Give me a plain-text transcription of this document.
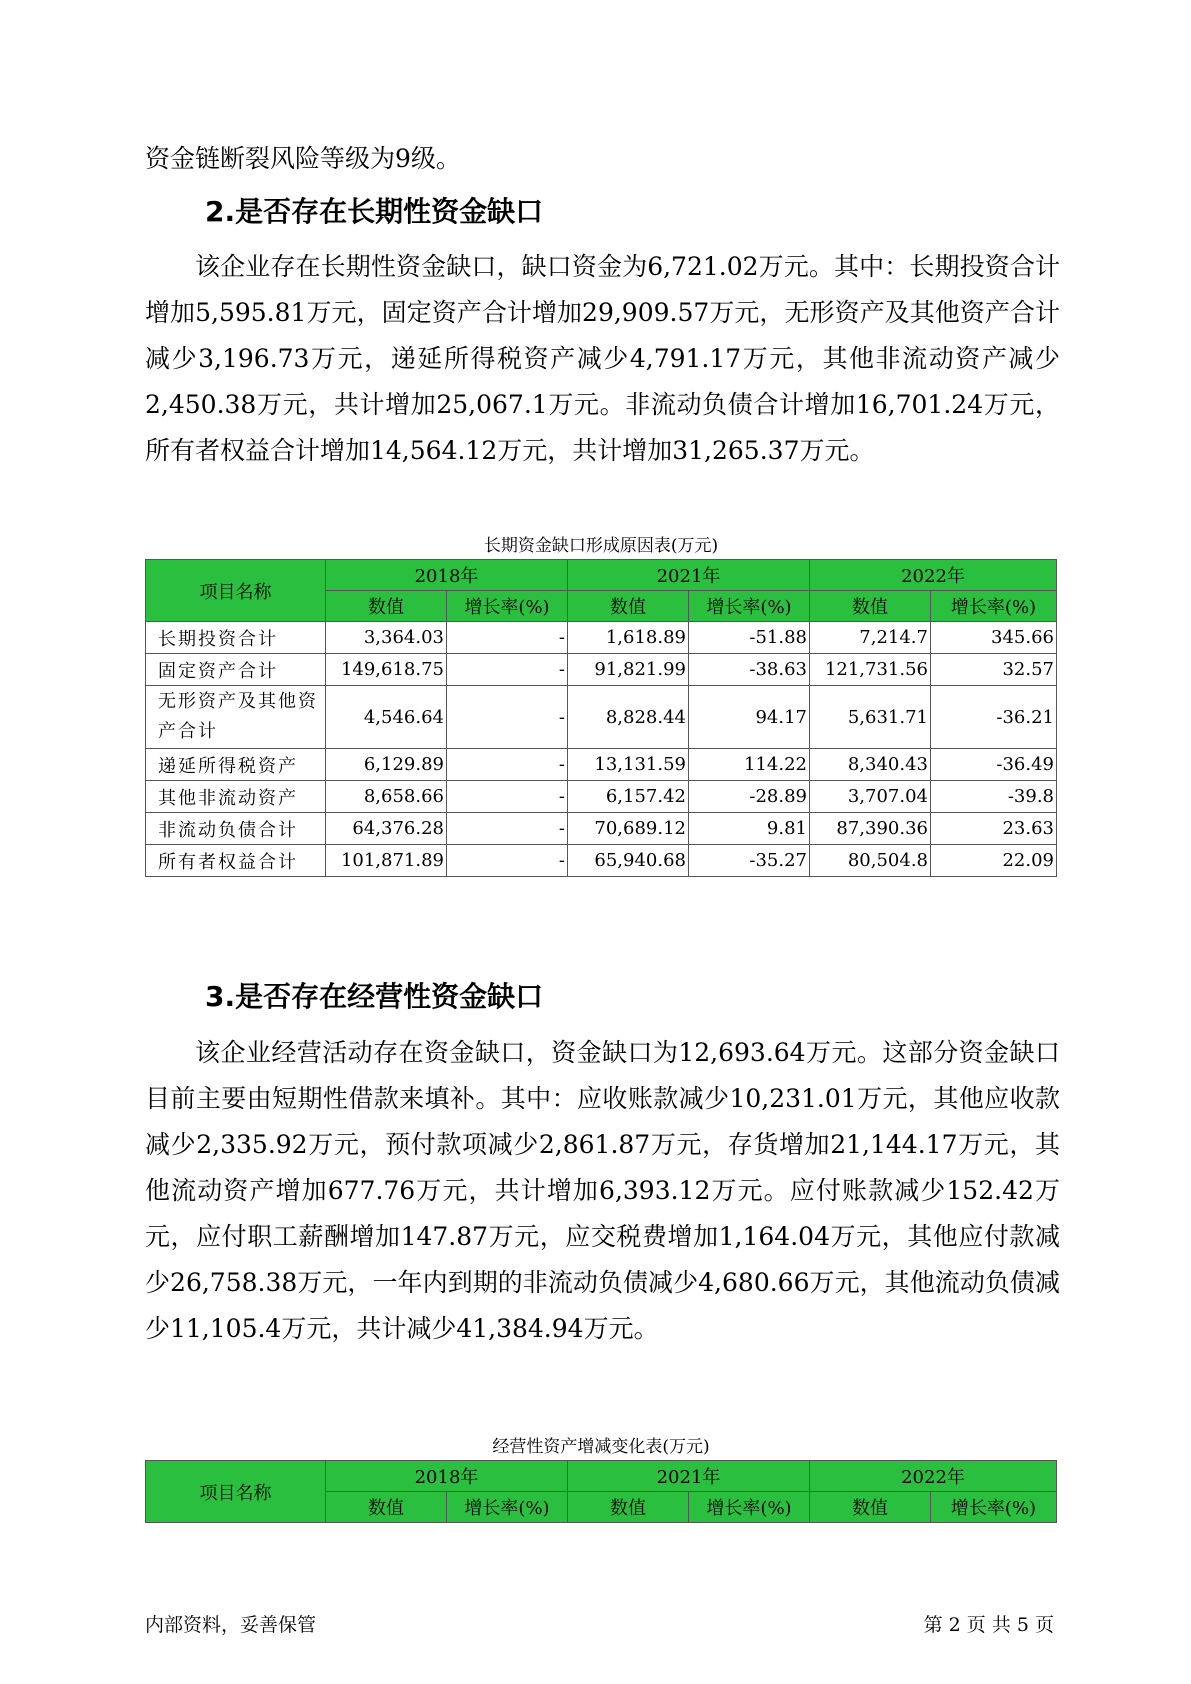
资金链断裂风险等级为9级。

2.是否存在长期性资金缺口

该企业存在长期性资金缺口，缺口资金为6,721.02万元。其中：长期投资合计增加5,595.81万元，固定资产合计增加29,909.57万元，无形资产及其他资产合计减少3,196.73万元，递延所得税资产减少4,791.17万元，其他非流动资产减少2,450.38万元，共计增加25,067.1万元。非流动负债合计增加16,701.24万元，所有者权益合计增加14,564.12万元，共计增加31,265.37万元。

长期资金缺口形成原因表(万元)
项目名称	2018年		2021年		2022年	
	数值	增长率(%)	数值	增长率(%)	数值	增长率(%)
长期投资合计	3,364.03	-	1,618.89	-51.88	7,214.7	345.66
固定资产合计	149,618.75	-	91,821.99	-38.63	121,731.56	32.57
无形资产及其他资产合计	4,546.64	-	8,828.44	94.17	5,631.71	-36.21
递延所得税资产	6,129.89	-	13,131.59	114.22	8,340.43	-36.49
其他非流动资产	8,658.66	-	6,157.42	-28.89	3,707.04	-39.8
非流动负债合计	64,376.28	-	70,689.12	9.81	87,390.36	23.63
所有者权益合计	101,871.89	-	65,940.68	-35.27	80,504.8	22.09
3.是否存在经营性资金缺口

该企业经营活动存在资金缺口，资金缺口为12,693.64万元。这部分资金缺口目前主要由短期性借款来填补。其中：应收账款减少10,231.01万元，其他应收款减少2,335.92万元，预付款项减少2,861.87万元，存货增加21,144.17万元，其他流动资产增加677.76万元，共计增加6,393.12万元。应付账款减少152.42万元，应付职工薪酬增加147.87万元，应交税费增加1,164.04万元，其他应付款减少26,758.38万元，一年内到期的非流动负债减少4,680.66万元，其他流动负债减少11,105.4万元，共计减少41,384.94万元。

经营性资产增减变化表(万元)
项目名称	2018年		2021年		2022年	
	数值	增长率(%)	数值	增长率(%)	数值	增长率(%)
内部资料，妥善保管	第 2 页 共 5 页
